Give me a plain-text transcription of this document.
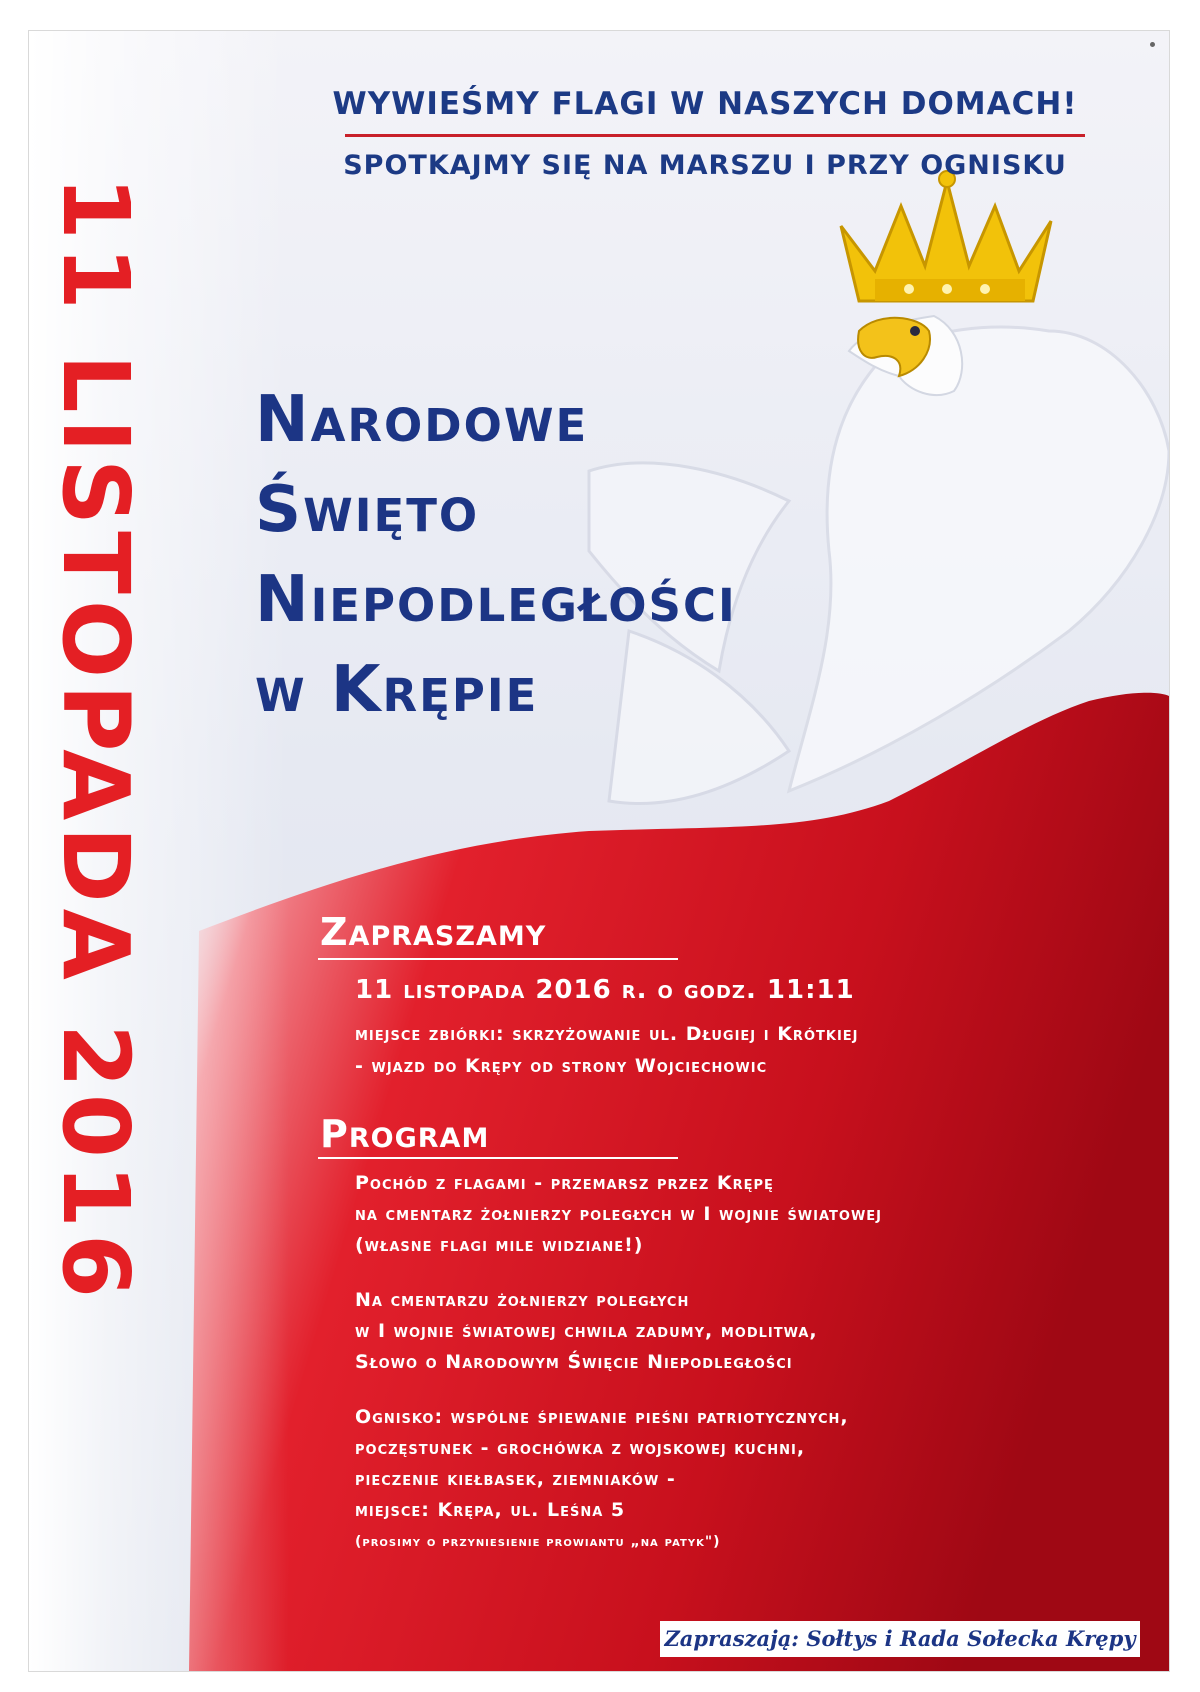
11 LISTOPADA 2016
WYWIEŚMY FLAGI W NASZYCH DOMACH!
SPOTKAJMY SIĘ NA MARSZU I PRZY OGNISKU
Narodowe
Święto
Niepodległości
w Krępie
Zapraszamy
11 listopada 2016 r. o godz. 11:11
miejsce zbiórki: skrzyżowanie ul. Długiej i Krótkiej
- wjazd do Krępy od strony Wojciechowic
Program
Pochód z flagami - przemarsz przez Krępę
na cmentarz żołnierzy poległych w I wojnie światowej
(własne flagi mile widziane!)
Na cmentarzu żołnierzy poległych
w I wojnie światowej chwila zadumy, modlitwa,
Słowo o Narodowym Święcie Niepodległości
Ognisko: wspólne śpiewanie pieśni patriotycznych,
poczęstunek - grochówka z wojskowej kuchni,
pieczenie kiełbasek, ziemniaków -
miejsce: Krępa, ul. Leśna 5
(prosimy o przyniesienie prowiantu „na patyk")
Zapraszają: Sołtys i Rada Sołecka Krępy
